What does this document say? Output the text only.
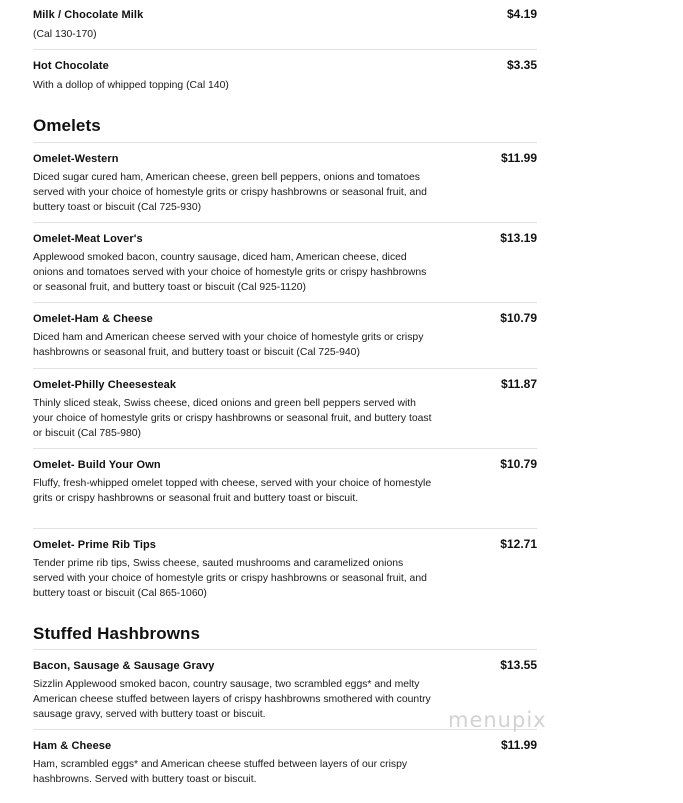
Milk / Chocolate Milk	$4.19
(Cal 130-170)
Hot Chocolate	$3.35
With a dollop of whipped topping (Cal 140)
Omelets
Omelet-Western	$11.99
Diced sugar cured ham, American cheese, green bell peppers, onions and tomatoes served with your choice of homestyle grits or crispy hashbrowns or seasonal fruit, and buttery toast or biscuit (Cal 725-930)
Omelet-Meat Lover's	$13.19
Applewood smoked bacon, country sausage, diced ham, American cheese, diced onions and tomatoes served with your choice of homestyle grits or crispy hashbrowns or seasonal fruit, and buttery toast or biscuit (Cal 925-1120)
Omelet-Ham & Cheese	$10.79
Diced ham and American cheese served with your choice of homestyle grits or crispy hashbrowns or seasonal fruit, and buttery toast or biscuit (Cal 725-940)
Omelet-Philly Cheesesteak	$11.87
Thinly sliced steak, Swiss cheese, diced onions and green bell peppers served with your choice of homestyle grits or crispy hashbrowns or seasonal fruit, and buttery toast or biscuit (Cal 785-980)
Omelet- Build Your Own	$10.79
Fluffy, fresh-whipped omelet topped with cheese, served with your choice of homestyle grits or crispy hashbrowns or seasonal fruit and buttery toast or biscuit.
Omelet- Prime Rib Tips	$12.71
Tender prime rib tips, Swiss cheese, sauted mushrooms and caramelized onions served with your choice of homestyle grits or crispy hashbrowns or seasonal fruit, and buttery toast or biscuit (Cal 865-1060)
Stuffed Hashbrowns
Bacon, Sausage & Sausage Gravy	$13.55
Sizzlin Applewood smoked bacon, country sausage, two scrambled eggs* and melty American cheese stuffed between layers of crispy hashbrowns smothered with country sausage gravy, served with buttery toast or biscuit.
Ham & Cheese	$11.99
Ham, scrambled eggs* and American cheese stuffed between layers of our crispy hashbrowns. Served with buttery toast or biscuit.
menupix
